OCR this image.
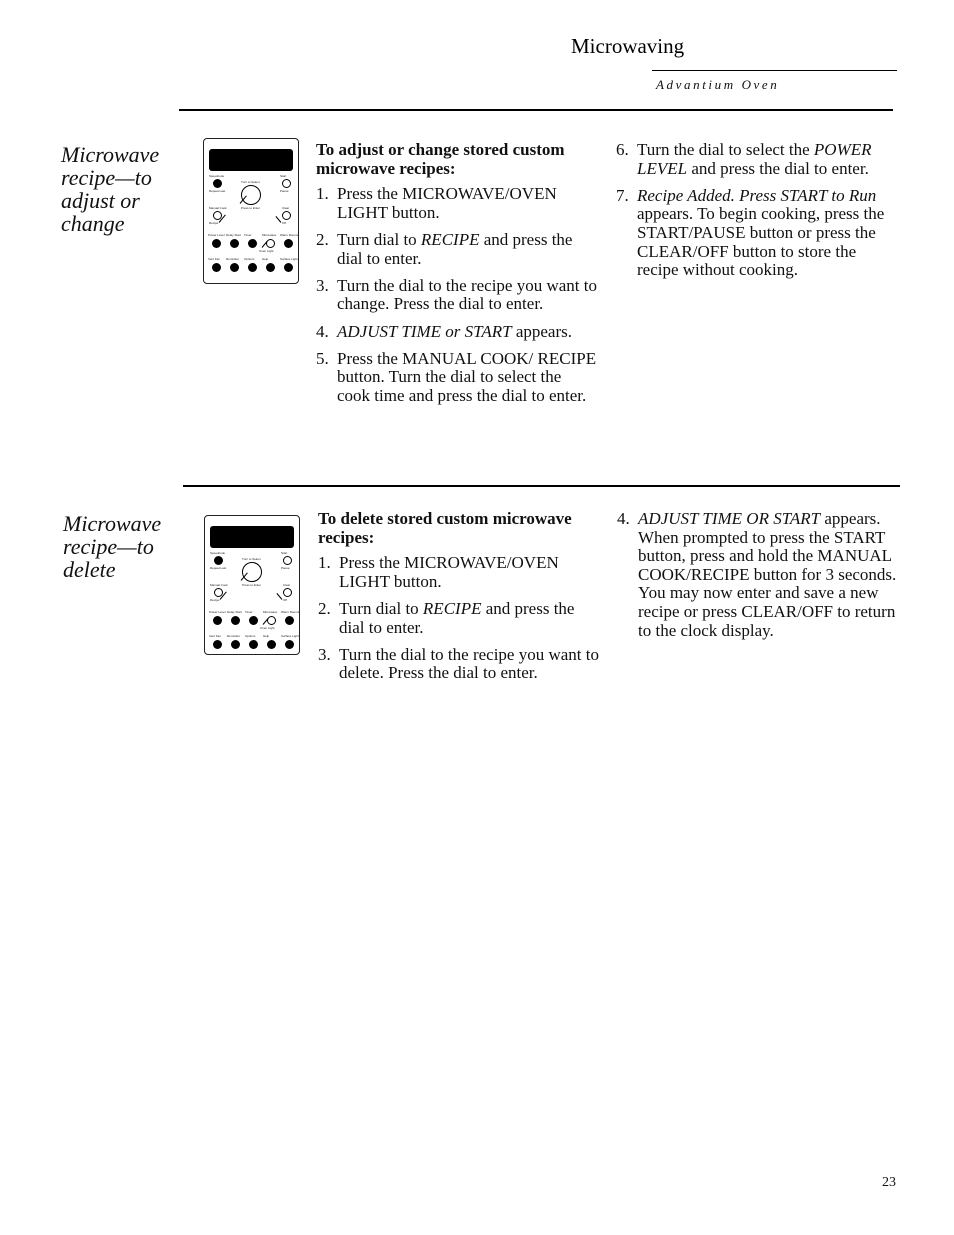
Microwaving
Advantium Oven
Microwave recipe—to adjust or change
Speedcook
Repeat Last
Start
Pause
Turn to Select
Press to Enter
Manual Cook
Recipe
Clear
Off
Power Level Delay Start Timer	Microwave Warm Rooms
Oven Light
Vent Fan Reminder Options	Help	Surface Light
To adjust or change stored custom microwave recipes:
1. Press the MICROWAVE/OVEN LIGHT button.
2. Turn dial to RECIPE and press the dial to enter.
3. Turn the dial to the recipe you want to change. Press the dial to enter.
4. ADJUST TIME or START appears.
5. Press the MANUAL COOK/ RECIPE button. Turn the dial to select the cook time and press the dial to enter.
6. Turn the dial to select the POWER LEVEL and press the dial to enter.
7. Recipe Added. Press START to Run appears. To begin cooking, press the START/PAUSE button or press the CLEAR/OFF button to store the recipe without cooking.
Microwave recipe—to delete
Speedcook
Repeat Last
Start
Pause
Turn to Select
Press to Enter
Manual Cook
Recipe
Clear
Off
Power Level Delay Start Timer	Microwave Warm Rooms
Oven Light
Vent Fan Reminder Options	Help	Surface Light
To delete stored custom microwave recipes:
1. Press the MICROWAVE/OVEN LIGHT button.
2. Turn dial to RECIPE and press the dial to enter.
3. Turn the dial to the recipe you want to delete. Press the dial to enter.
4. ADJUST TIME OR START appears. When prompted to press the START button, press and hold the MANUAL COOK/RECIPE button for 3 seconds. You may now enter and save a new recipe or press CLEAR/OFF to return to the clock display.
23
